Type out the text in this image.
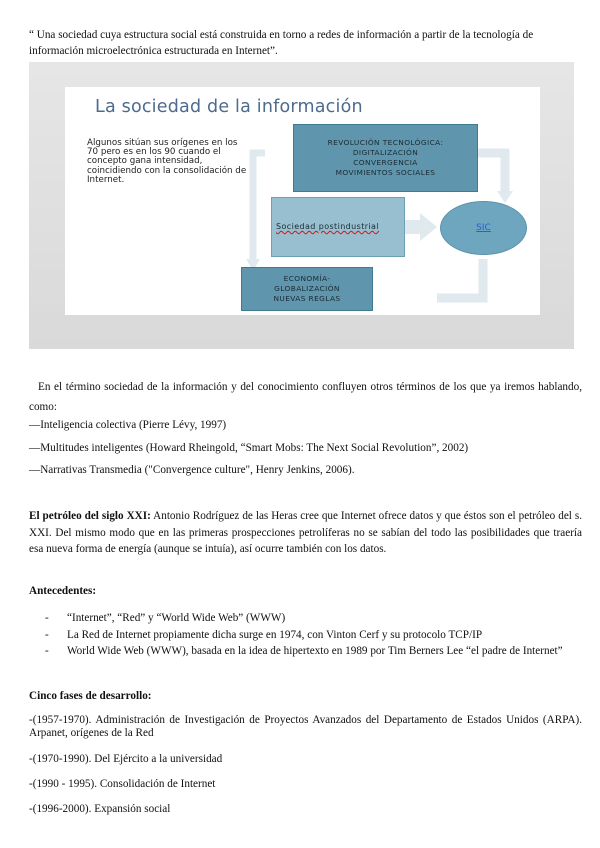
“ Una sociedad cuya estructura social está construida en torno a redes de información a partir de la tecnología de información microelectrónica estructurada en Internet”.
La sociedad de la información
Algunos sitúan sus orígenes en los 70 pero es en los 90 cuando el concepto gana intensidad, coincidiendo con la consolidación de Internet.
REVOLUCIÓN TECNOLÓGICA:
DIGITALIZACIÓN
CONVERGENCIA
MOVIMIENTOS SOCIALES
Sociedad postindustrial
ECONOMÍA-
GLOBALIZACIÓN
NUEVAS REGLAS
SIC
En el término sociedad de la información y del conocimiento confluyen otros términos de los que ya iremos hablando, como:
—Inteligencia colectiva (Pierre Lévy, 1997)
—Multitudes inteligentes (Howard Rheingold, “Smart Mobs: The Next Social Revolution”, 2002)
—Narrativas Transmedia ("Convergence culture", Henry Jenkins, 2006).
El petróleo del siglo XXI: Antonio Rodríguez de las Heras cree que Internet ofrece datos y que éstos son el petróleo del s. XXI. Del mismo modo que en las primeras prospecciones petrolíferas no se sabían del todo las posibilidades que traería esa nueva forma de energía (aunque se intuía), así ocurre también con los datos.
Antecedentes:
- “Internet”, “Red” y “World Wide Web” (WWW)
- La Red de Internet propiamente dicha surge en 1974, con Vinton Cerf y su protocolo TCP/IP
- World Wide Web (WWW), basada en la idea de hipertexto en 1989 por Tim Berners Lee “el padre de Internet”
Cinco fases de desarrollo:
-(1957-1970). Administración de Investigación de Proyectos Avanzados del Departamento de Estados Unidos (ARPA). Arpanet, orígenes de la Red
-(1970-1990). Del Ejército a la universidad
-(1990 - 1995). Consolidación de Internet
-(1996-2000). Expansión social
